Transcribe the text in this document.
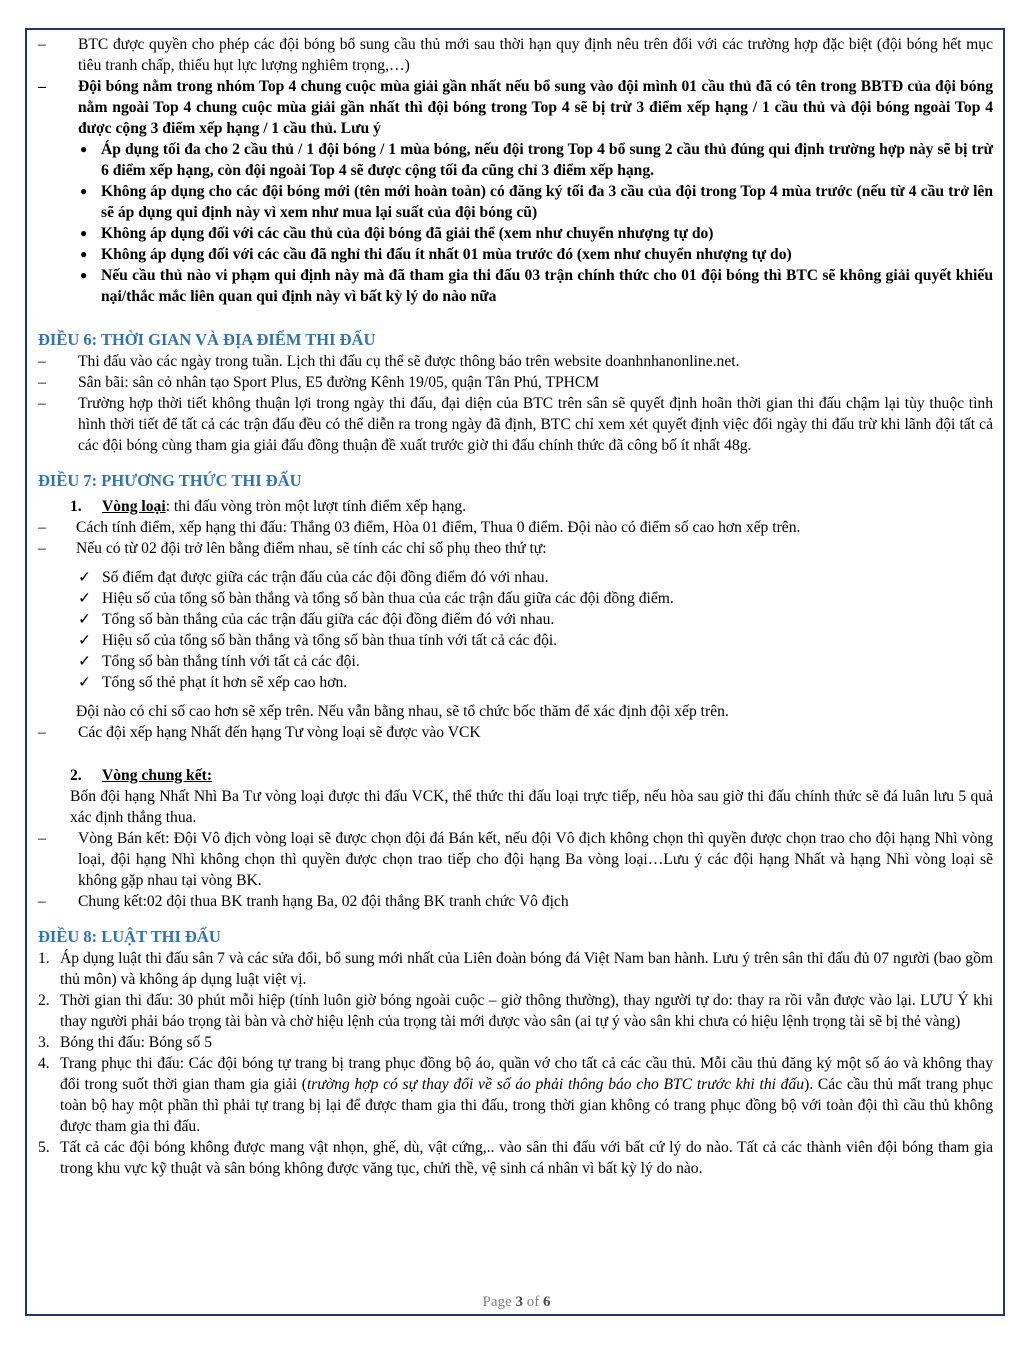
– BTC được quyền cho phép các đội bóng bổ sung cầu thủ mới sau thời hạn quy định nêu trên đối với các trường hợp đặc biệt (đội bóng hết mục tiêu tranh chấp, thiếu hụt lực lượng nghiêm trọng,…)
– Đội bóng nằm trong nhóm Top 4 chung cuộc mùa giải gần nhất nếu bổ sung vào đội mình 01 cầu thủ đã có tên trong BBTĐ của đội bóng nằm ngoài Top 4 chung cuộc mùa giải gần nhất thì đội bóng trong Top 4 sẽ bị trừ 3 điểm xếp hạng / 1 cầu thủ và đội bóng ngoài Top 4 được cộng 3 điểm xếp hạng / 1 cầu thủ. Lưu ý
● Áp dụng tối đa cho 2 cầu thủ / 1 đội bóng / 1 mùa bóng, nếu đội trong Top 4 bổ sung 2 cầu thủ đúng qui định trường hợp này sẽ bị trừ 6 điểm xếp hạng, còn đội ngoài Top 4 sẽ được cộng tối đa cũng chỉ 3 điểm xếp hạng.
● Không áp dụng cho các đội bóng mới (tên mới hoàn toàn) có đăng ký tối đa 3 cầu của đội trong Top 4 mùa trước (nếu từ 4 cầu trở lên sẽ áp dụng qui định này vì xem như mua lại suất của đội bóng cũ)
● Không áp dụng đối với các cầu thủ của đội bóng đã giải thể (xem như chuyển nhượng tự do)
● Không áp dụng đối với các cầu đã nghỉ thi đấu ít nhất 01 mùa trước đó (xem như chuyển nhượng tự do)
● Nếu cầu thủ nào vi phạm qui định này mà đã tham gia thi đấu 03 trận chính thức cho 01 đội bóng thì BTC sẽ không giải quyết khiếu nại/thắc mắc liên quan qui định này vì bất kỳ lý do nào nữa
ĐIỀU 6: THỜI GIAN VÀ ĐỊA ĐIỂM THI ĐẤU
– Thi đấu vào các ngày trong tuần. Lịch thi đấu cụ thể sẽ được thông báo trên website doanhnhanonline.net.
– Sân bãi: sân cỏ nhân tạo Sport Plus, E5 đường Kênh 19/05, quận Tân Phú, TPHCM
– Trường hợp thời tiết không thuận lợi trong ngày thi đấu, đại diện của BTC trên sân sẽ quyết định hoãn thời gian thi đấu chậm lại tùy thuộc tình hình thời tiết để tất cả các trận đấu đều có thể diễn ra trong ngày đã định, BTC chỉ xem xét quyết định việc đổi ngày thi đấu trừ khi lãnh đội tất cả các đội bóng cùng tham gia giải đấu đồng thuận đề xuất trước giờ thi đấu chính thức đã công bố ít nhất 48g.
ĐIỀU 7: PHƯƠNG THỨC THI ĐẤU

1. Vòng loại: thi đấu vòng tròn một lượt tính điểm xếp hạng.

– Cách tính điểm, xếp hạng thi đấu: Thắng 03 điểm, Hòa 01 điểm, Thua 0 điểm. Đội nào có điểm số cao hơn xếp trên.
– Nếu có từ 02 đội trở lên bằng điểm nhau, sẽ tính các chỉ số phụ theo thứ tự:
✓ Số điểm đạt được giữa các trận đấu của các đội đồng điểm đó với nhau.
✓ Hiệu số của tổng số bàn thắng và tổng số bàn thua của các trận đấu giữa các đội đồng điểm.
✓ Tổng số bàn thắng của các trận đấu giữa các đội đồng điểm đó với nhau.
✓ Hiệu số của tổng số bàn thắng và tổng số bàn thua tính với tất cả các đội.
✓ Tổng số bàn thắng tính với tất cả các đội.
✓ Tổng số thẻ phạt ít hơn sẽ xếp cao hơn.

Đội nào có chỉ số cao hơn sẽ xếp trên. Nếu vẫn bằng nhau, sẽ tổ chức bốc thăm để xác định đội xếp trên.

– Các đội xếp hạng Nhất đến hạng Tư vòng loại sẽ được vào VCK

2. Vòng chung kết:

Bốn đội hạng Nhất Nhì Ba Tư vòng loại được thi đấu VCK, thể thức thi đấu loại trực tiếp, nếu hòa sau giờ thi đấu chính thức sẽ đá luân lưu 5 quả xác định thắng thua.

– Vòng Bán kết: Đội Vô địch vòng loại sẽ được chọn đội đá Bán kết, nếu đội Vô địch không chọn thì quyền được chọn trao cho đội hạng Nhì vòng loại, đội hạng Nhì không chọn thì quyền được chọn trao tiếp cho đội hạng Ba vòng loại…Lưu ý các đội hạng Nhất và hạng Nhì vòng loại sẽ không gặp nhau tại vòng BK.
– Chung kết:02 đội thua BK tranh hạng Ba, 02 đội thắng BK tranh chức Vô địch
ĐIỀU 8: LUẬT THI ĐẤU
1. Áp dụng luật thi đấu sân 7 và các sửa đổi, bổ sung mới nhất của Liên đoàn bóng đá Việt Nam ban hành. Lưu ý trên sân thi đấu đủ 07 người (bao gồm thủ môn) và không áp dụng luật việt vị.
2. Thời gian thi đấu: 30 phút mỗi hiệp (tính luôn giờ bóng ngoài cuộc – giờ thông thường), thay người tự do: thay ra rồi vẫn được vào lại. LƯU Ý khi thay người phải báo trọng tài bàn và chờ hiệu lệnh của trọng tài mới được vào sân (ai tự ý vào sân khi chưa có hiệu lệnh trọng tài sẽ bị thẻ vàng)
3. Bóng thi đấu: Bóng số 5
4. Trang phục thi đấu: Các đội bóng tự trang bị trang phục đồng bộ áo, quần vớ cho tất cả các cầu thủ. Mỗi cầu thủ đăng ký một số áo và không thay đổi trong suốt thời gian tham gia giải (trường hợp có sự thay đổi về số áo phải thông báo cho BTC trước khi thi đấu). Các cầu thủ mất trang phục toàn bộ hay một phần thì phải tự trang bị lại để được tham gia thi đấu, trong thời gian không có trang phục đồng bộ với toàn đội thì cầu thủ không được tham gia thi đấu.
5. Tất cả các đội bóng không được mang vật nhọn, ghế, dù, vật cứng,.. vào sân thi đấu với bất cứ lý do nào. Tất cả các thành viên đội bóng tham gia trong khu vực kỹ thuật và sân bóng không được văng tục, chửi thề, vệ sinh cá nhân vì bất kỳ lý do nào.
Page 3 of 6
